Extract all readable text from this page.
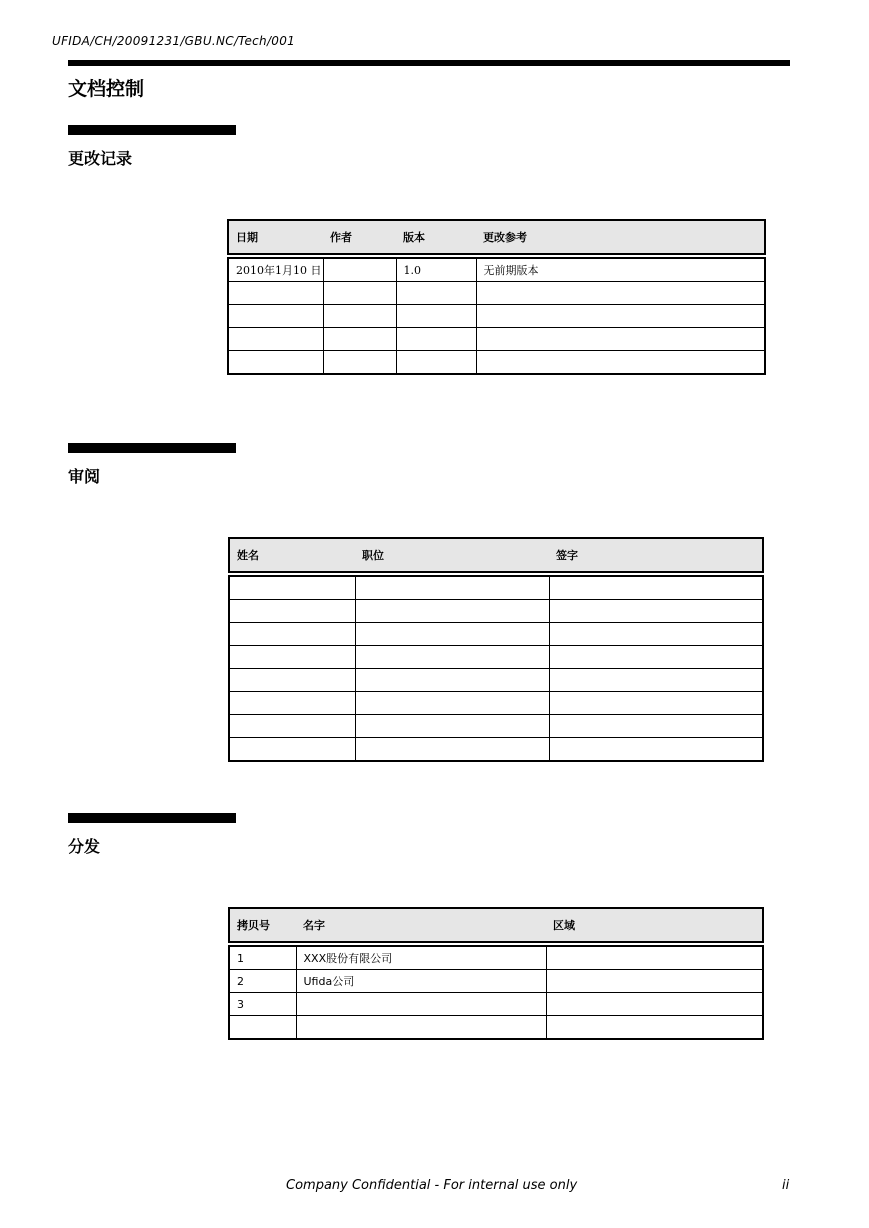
UFIDA/CH/20091231/GBU.NC/Tech/001
文档控制
更改记录
日期	作者	版本	更改参考

2010年1月10 日		1.0	无前期版本

审阅
姓名	职位	签字

分发
拷贝号	名字	区域

1	XXX股份有限公司	
2	Ufida公司	
3		

Company Confidential - For internal use only	ii
